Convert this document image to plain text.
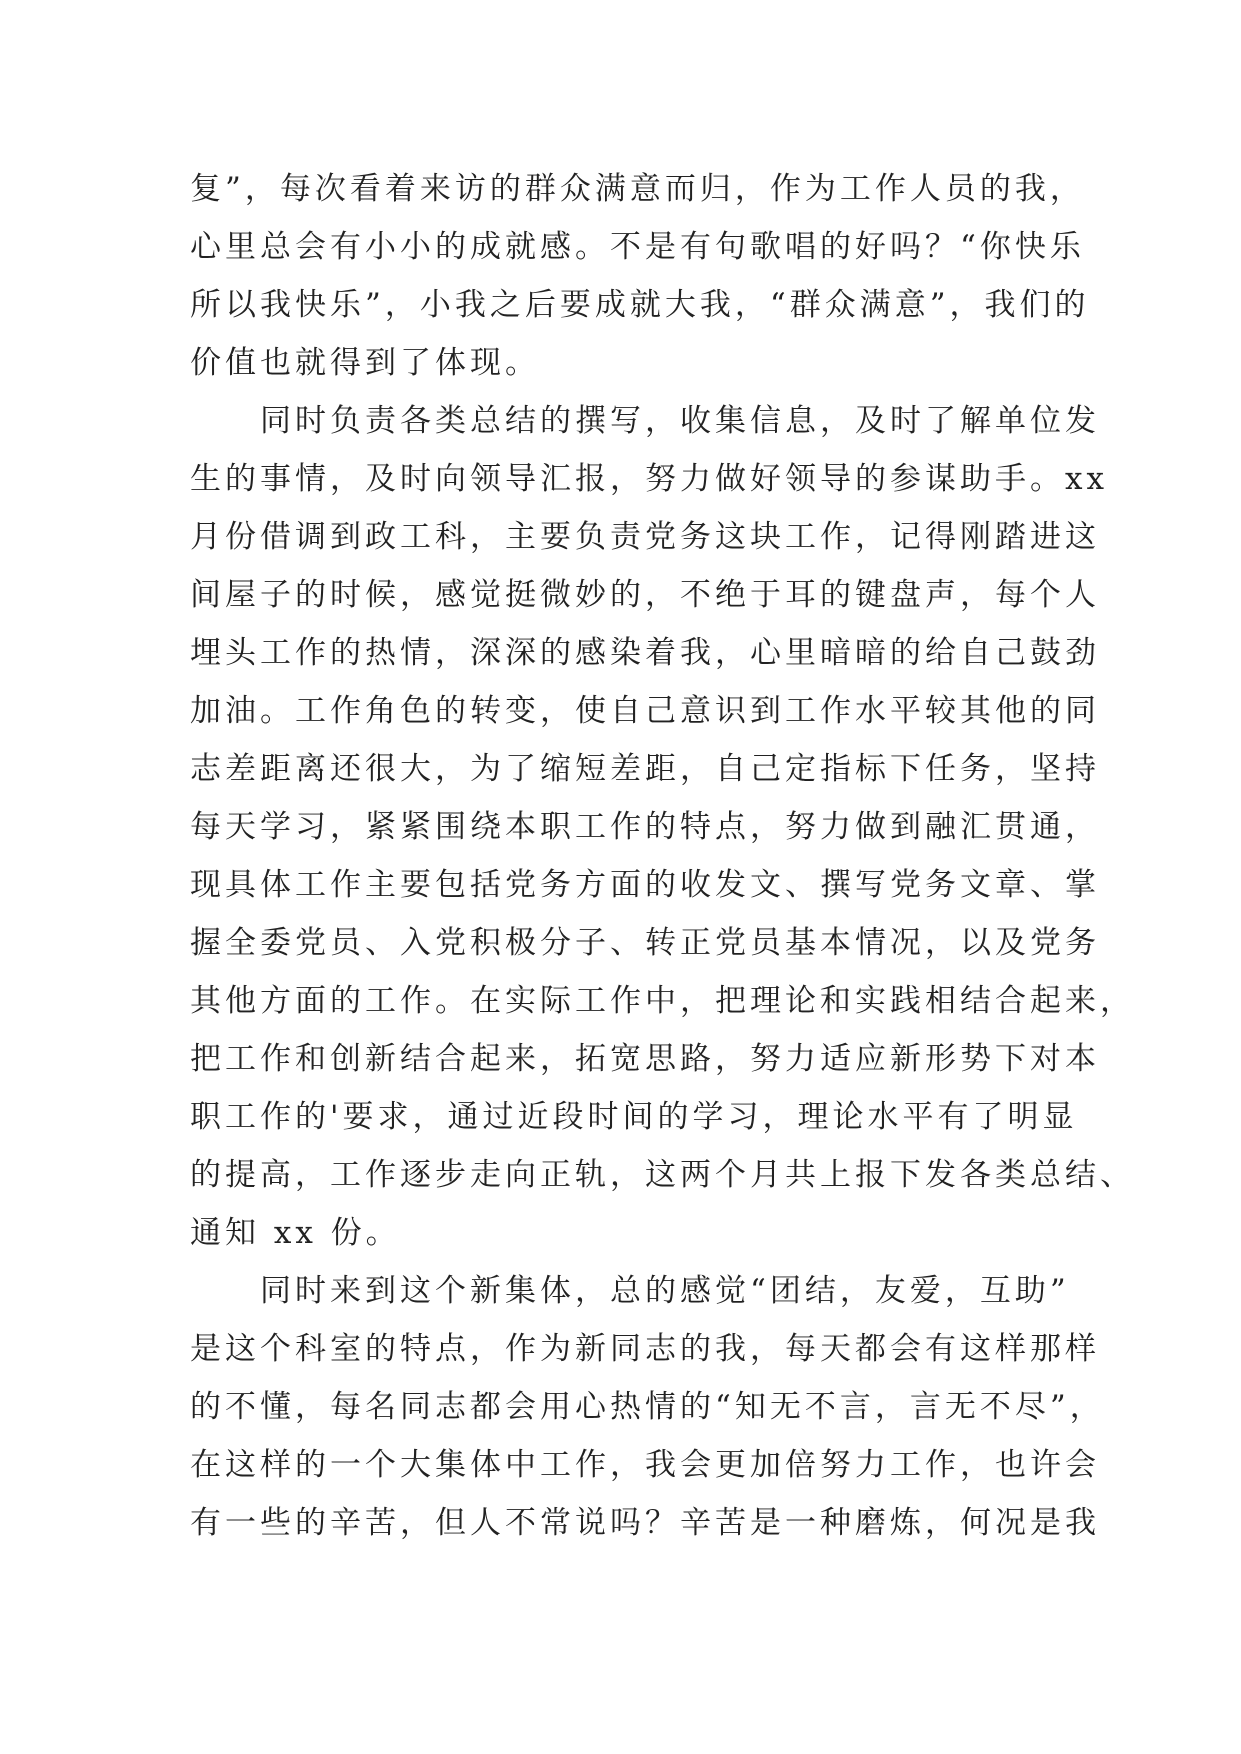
复”，每次看着来访的群众满意而归，作为工作人员的我，
心里总会有小小的成就感。不是有句歌唱的好吗？“你快乐
所以我快乐”，小我之后要成就大我，“群众满意”，我们的
价值也就得到了体现。
　　同时负责各类总结的撰写，收集信息，及时了解单位发
生的事情，及时向领导汇报，努力做好领导的参谋助手。xx
月份借调到政工科，主要负责党务这块工作，记得刚踏进这
间屋子的时候，感觉挺微妙的，不绝于耳的键盘声，每个人
埋头工作的热情，深深的感染着我，心里暗暗的给自己鼓劲
加油。工作角色的转变，使自己意识到工作水平较其他的同
志差距离还很大，为了缩短差距，自己定指标下任务，坚持
每天学习，紧紧围绕本职工作的特点，努力做到融汇贯通，
现具体工作主要包括党务方面的收发文、撰写党务文章、掌
握全委党员、入党积极分子、转正党员基本情况，以及党务
其他方面的工作。在实际工作中，把理论和实践相结合起来，
把工作和创新结合起来，拓宽思路，努力适应新形势下对本
职工作的'要求，通过近段时间的学习，理论水平有了明显
的提高，工作逐步走向正轨，这两个月共上报下发各类总结、
通知 xx 份。
　　同时来到这个新集体，总的感觉“团结，友爱，互助”
是这个科室的特点，作为新同志的我，每天都会有这样那样
的不懂，每名同志都会用心热情的“知无不言，言无不尽”，
在这样的一个大集体中工作，我会更加倍努力工作，也许会
有一些的辛苦，但人不常说吗？辛苦是一种磨炼，何况是我
